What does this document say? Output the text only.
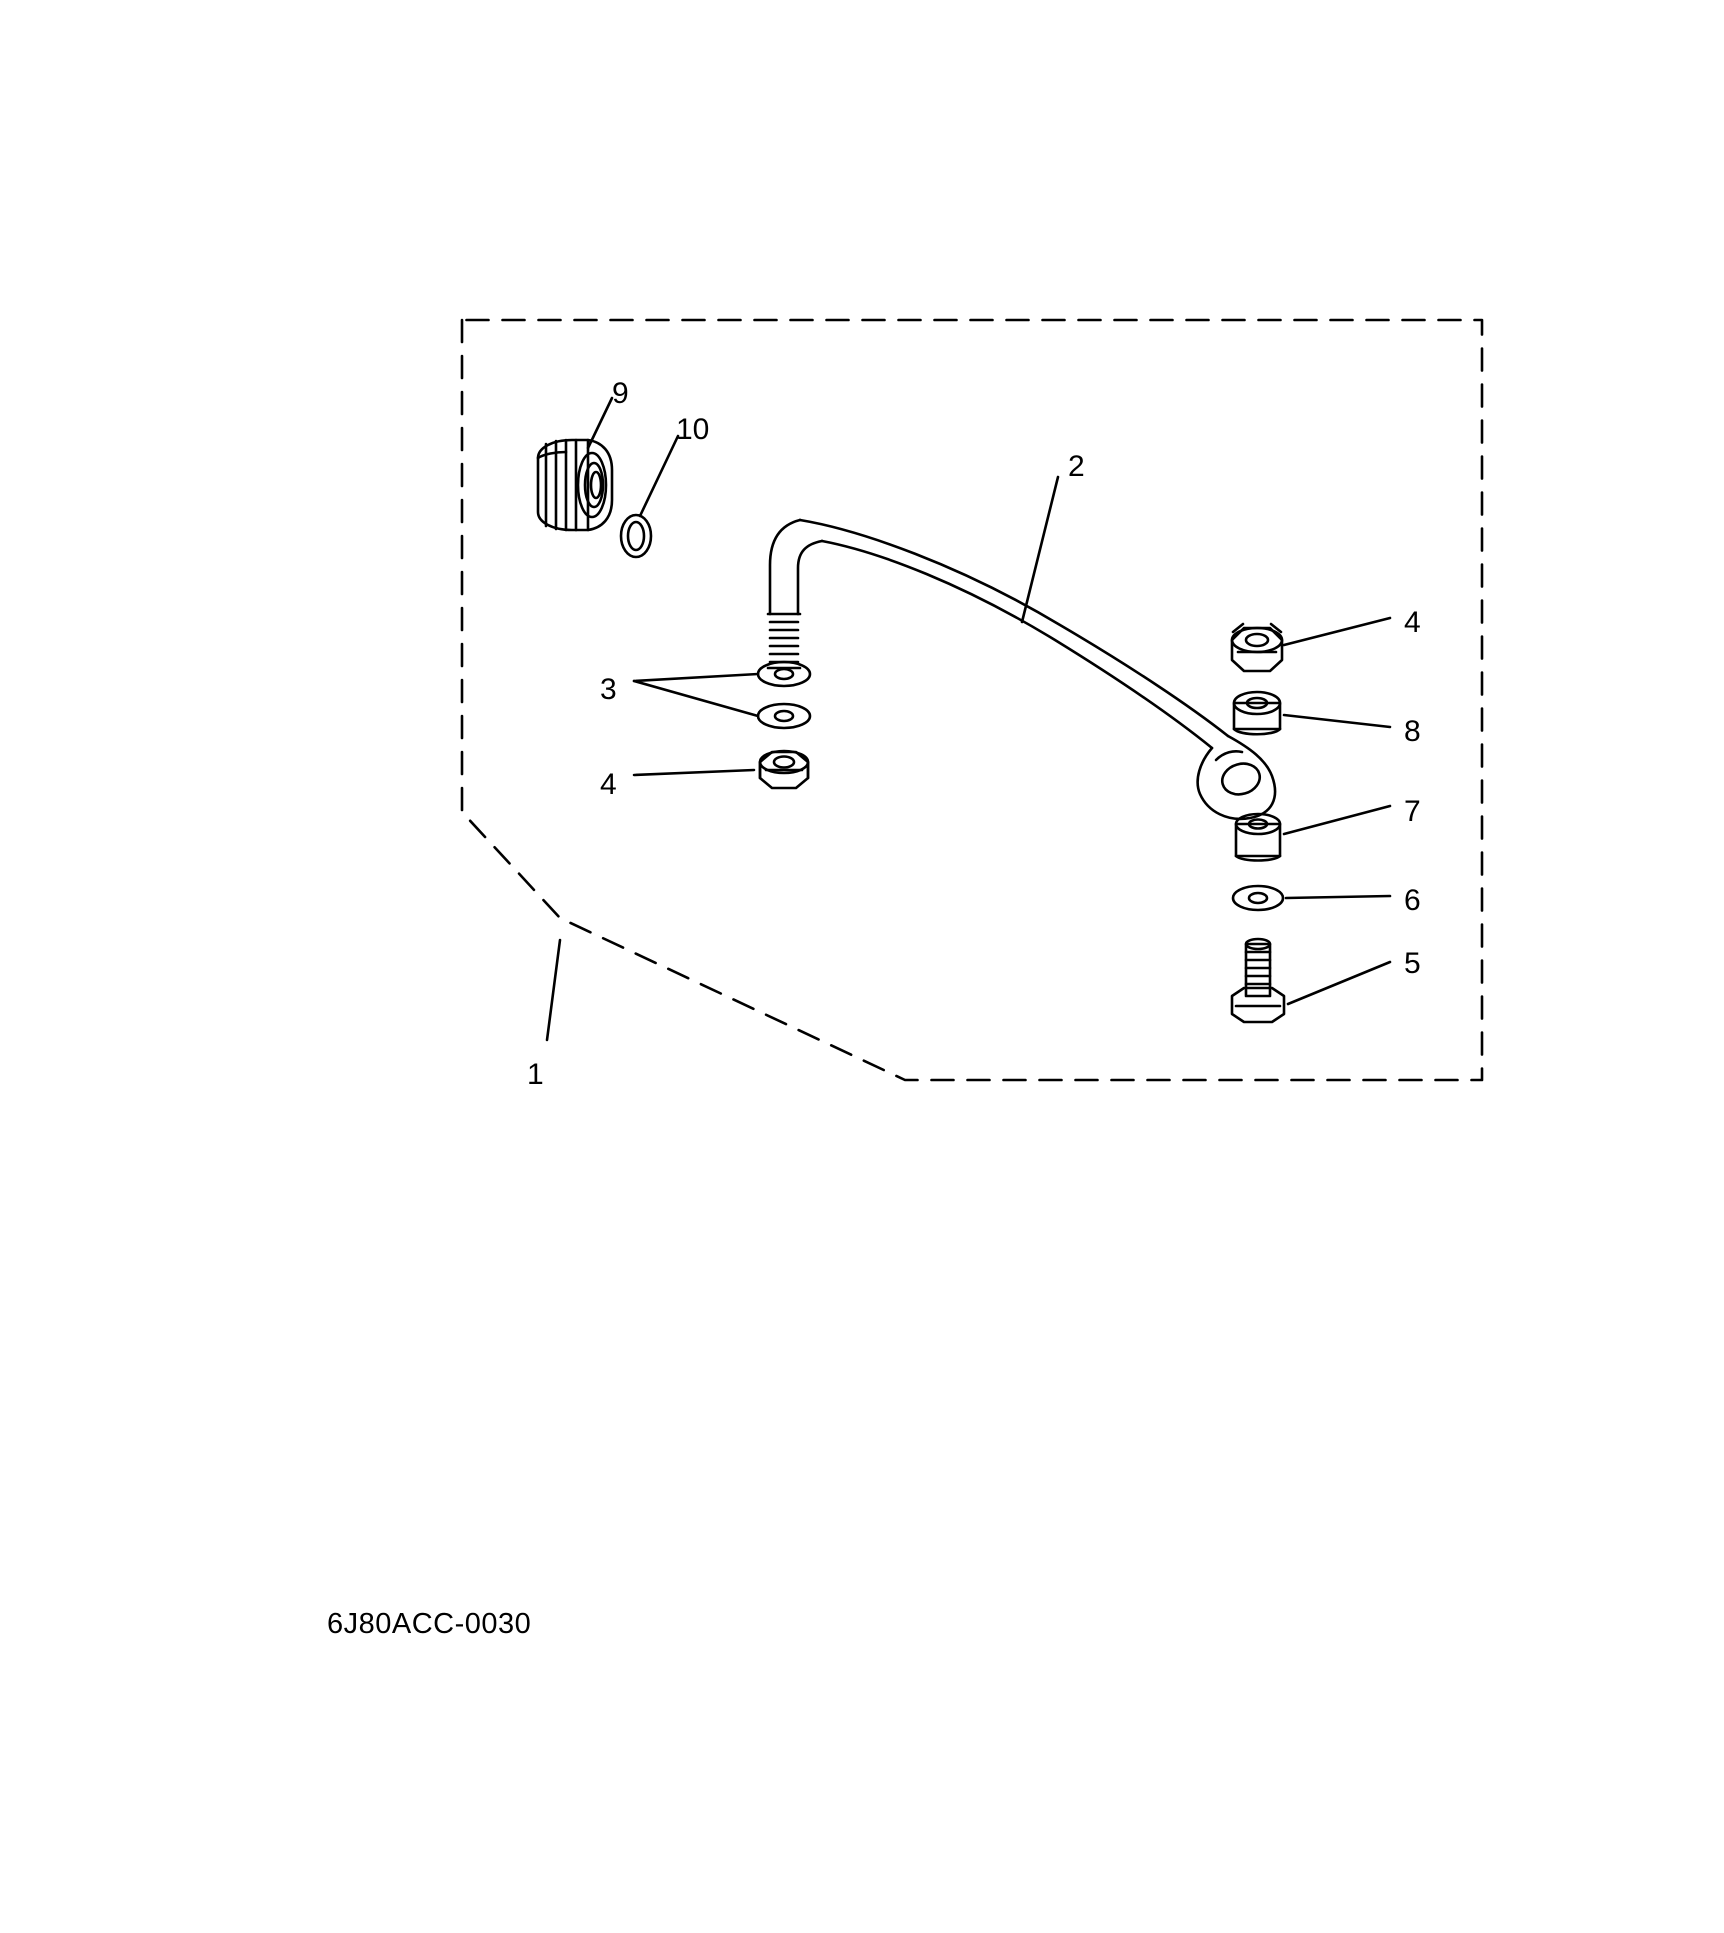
1
2
3
4
4
5
6
7
8
9
10
6J80ACC-0030
